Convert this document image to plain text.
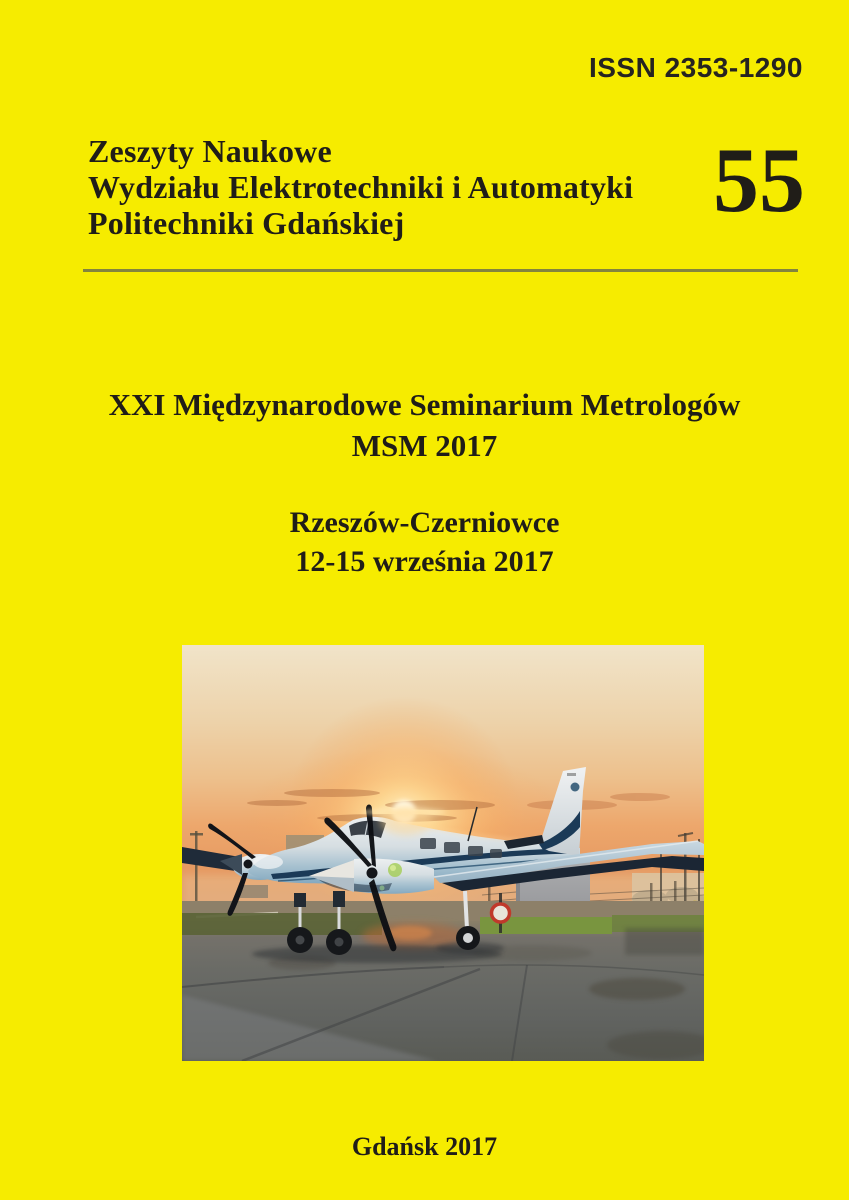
ISSN 2353-1290
Zeszyty Naukowe
Wydziału Elektrotechniki i Automatyki
Politechniki Gdańskiej	55
XXI Międzynarodowe Seminarium Metrologów
MSM 2017
Rzeszów-Czerniowce
12-15 września 2017
Gdańsk 2017
